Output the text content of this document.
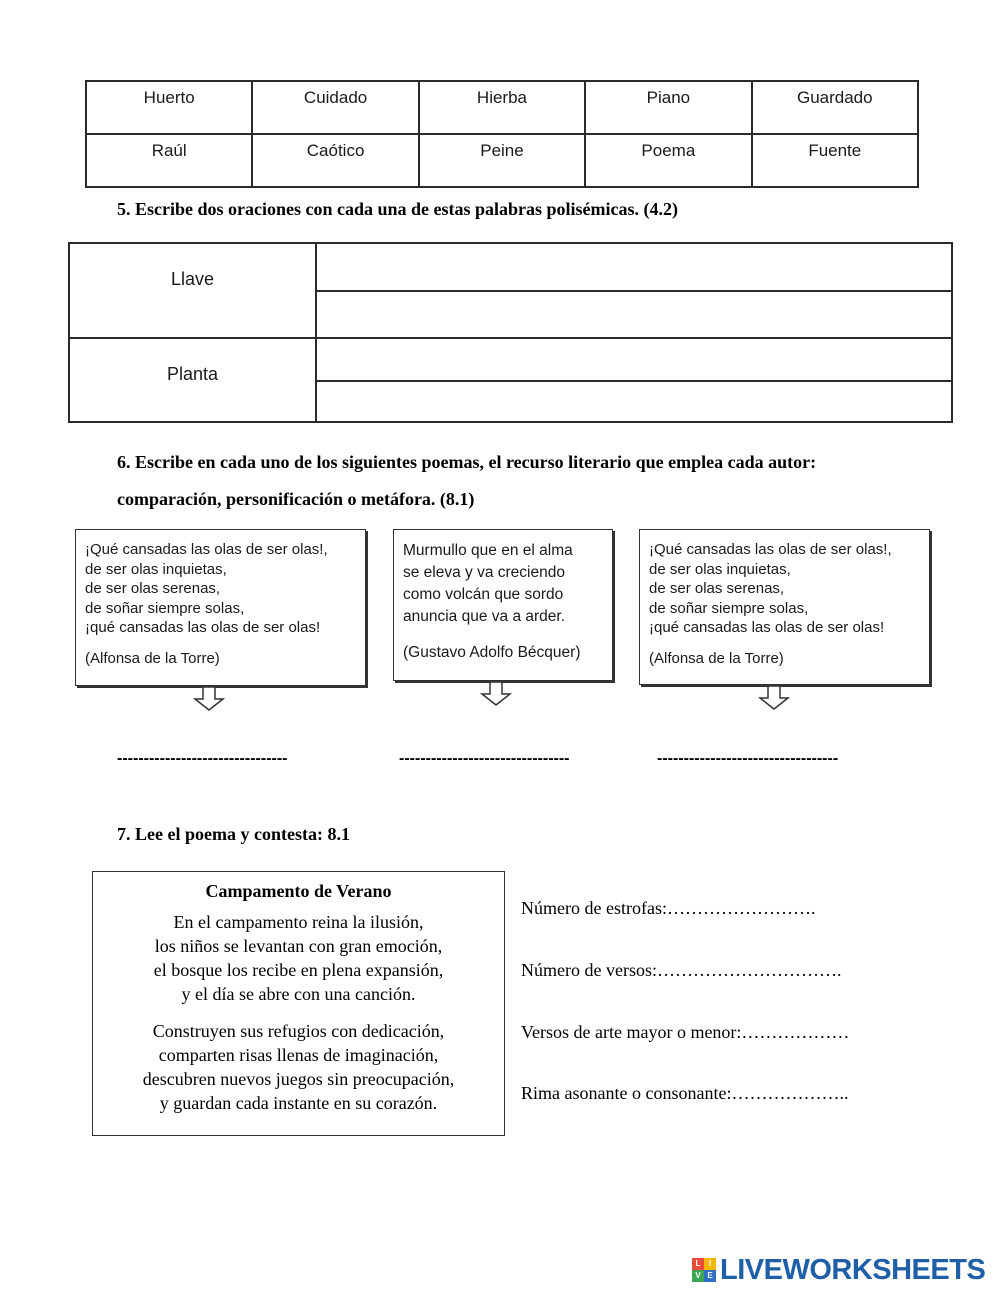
Huerto	Cuidado	Hierba	Piano	Guardado
Raúl	Caótico	Peine	Poema	Fuente
5. Escribe dos oraciones con cada una de estas palabras polisémicas. (4.2)
Llave
Planta
6. Escribe en cada uno de los siguientes poemas, el recurso literario que emplea cada autor:
comparación, personificación o metáfora. (8.1)
¡Qué cansadas las olas de ser olas!,
de ser olas inquietas,
de ser olas serenas,
de soñar siempre solas,
¡qué cansadas las olas de ser olas!
(Alfonsa de la Torre)
Murmullo que en el alma
se eleva y va creciendo
como volcán que sordo
anuncia que va a arder.
(Gustavo Adolfo Bécquer)
¡Qué cansadas las olas de ser olas!,
de ser olas inquietas,
de ser olas serenas,
de soñar siempre solas,
¡qué cansadas las olas de ser olas!
(Alfonsa de la Torre)
--------------------------------	--------------------------------	----------------------------------
7. Lee el poema y contesta: 8.1
Campamento de Verano
En el campamento reina la ilusión,
los niños se levantan con gran emoción,
el bosque los recibe en plena expansión,
y el día se abre con una canción.
Construyen sus refugios con dedicación,
comparten risas llenas de imaginación,
descubren nuevos juegos sin preocupación,
y guardan cada instante en su corazón.
Número de estrofas:…………………….
Número de versos:………………………….
Versos de arte mayor o menor:………………
Rima asonante o consonante:………………..
L	I
V E LIVEWORKSHEETS
